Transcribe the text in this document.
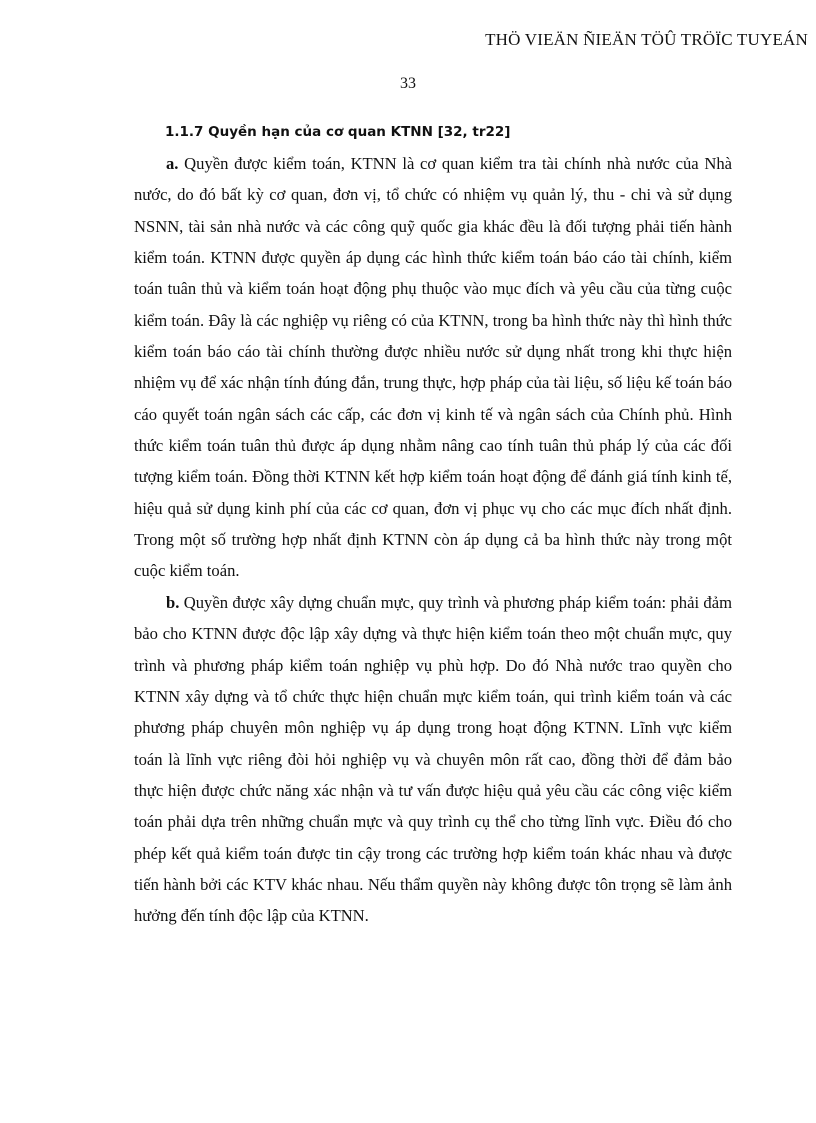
THÖ VIEÄN ÑIEÄN TÖÛ TRÖÏC TUYEÁN
33
1.1.7 Quyền hạn của cơ quan KTNN [32, tr22]

a. Quyền được kiểm toán, KTNN là cơ quan kiểm tra tài chính nhà nước của Nhà nước, do đó bất kỳ cơ quan, đơn vị, tổ chức có nhiệm vụ quản lý, thu - chi và sử dụng NSNN, tài sản nhà nước và các công quỹ quốc gia khác đều là đối tượng phải tiến hành kiểm toán. KTNN được quyền áp dụng các hình thức kiểm toán báo cáo tài chính, kiểm toán tuân thủ và kiểm toán hoạt động phụ thuộc vào mục đích và yêu cầu của từng cuộc kiểm toán. Đây là các nghiệp vụ riêng có của KTNN, trong ba hình thức này thì hình thức kiểm toán báo cáo tài chính thường được nhiều nước sử dụng nhất trong khi thực hiện nhiệm vụ để xác nhận tính đúng đắn, trung thực, hợp pháp của tài liệu, số liệu kế toán báo cáo quyết toán ngân sách các cấp, các đơn vị kinh tế và ngân sách của Chính phủ. Hình thức kiểm toán tuân thủ được áp dụng nhằm nâng cao tính tuân thủ pháp lý của các đối tượng kiểm toán. Đồng thời KTNN kết hợp kiểm toán hoạt động để đánh giá tính kinh tế, hiệu quả sử dụng kinh phí của các cơ quan, đơn vị phục vụ cho các mục đích nhất định. Trong một số trường hợp nhất định KTNN còn áp dụng cả ba hình thức này trong một cuộc kiểm toán.

b. Quyền được xây dựng chuẩn mực, quy trình và phương pháp kiểm toán: phải đảm bảo cho KTNN được độc lập xây dựng và thực hiện kiểm toán theo một chuẩn mực, quy trình và phương pháp kiểm toán nghiệp vụ phù hợp. Do đó Nhà nước trao quyền cho KTNN xây dựng và tổ chức thực hiện chuẩn mực kiểm toán, qui trình kiểm toán và các phương pháp chuyên môn nghiệp vụ áp dụng trong hoạt động KTNN. Lĩnh vực kiểm toán là lĩnh vực riêng đòi hỏi nghiệp vụ và chuyên môn rất cao, đồng thời để đảm bảo thực hiện được chức năng xác nhận và tư vấn được hiệu quả yêu cầu các công việc kiểm toán phải dựa trên những chuẩn mực và quy trình cụ thể cho từng lĩnh vực. Điều đó cho phép kết quả kiểm toán được tin cậy trong các trường hợp kiểm toán khác nhau và được tiến hành bởi các KTV khác nhau. Nếu thẩm quyền này không được tôn trọng sẽ làm ảnh hưởng đến tính độc lập của KTNN.
